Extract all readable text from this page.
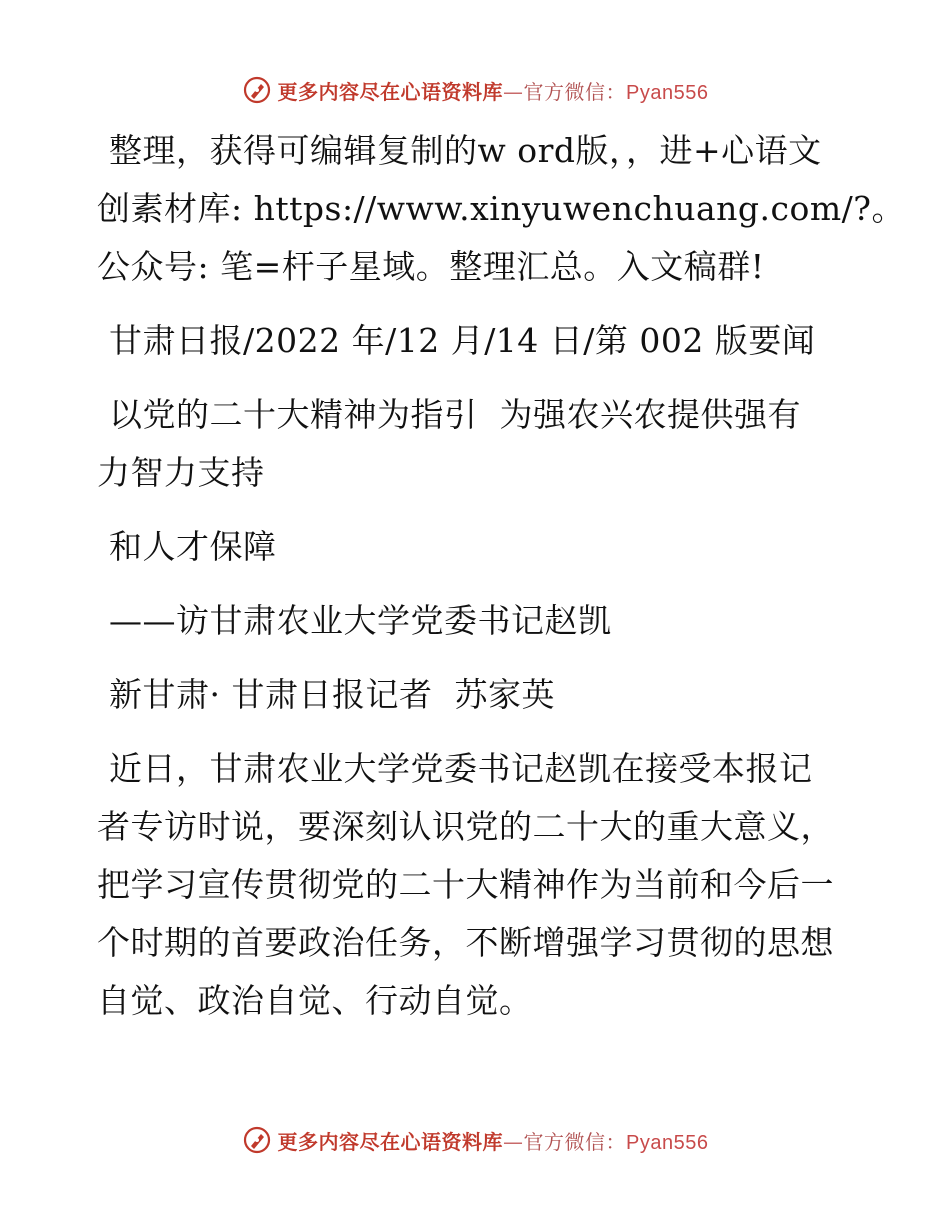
更多内容尽在心语资料库—官方微信：Pyan556
整理，获得可编辑复制的w ord版，，进+心语文
创素材库: https://www.xinyuwenchuang.com/?。
公众号: 笔=杆子星域。整理汇总。入文稿群!
甘肃日报/2022 年/12 月/14 日/第 002 版要闻
以党的二十大精神为指引  为强农兴农提供强有
力智力支持
和人才保障
——访甘肃农业大学党委书记赵凯
新甘肃· 甘肃日报记者  苏家英
近日，甘肃农业大学党委书记赵凯在接受本报记
者专访时说，要深刻认识党的二十大的重大意义，
把学习宣传贯彻党的二十大精神作为当前和今后一
个时期的首要政治任务，不断增强学习贯彻的思想
自觉、政治自觉、行动自觉。
更多内容尽在心语资料库—官方微信：Pyan556
